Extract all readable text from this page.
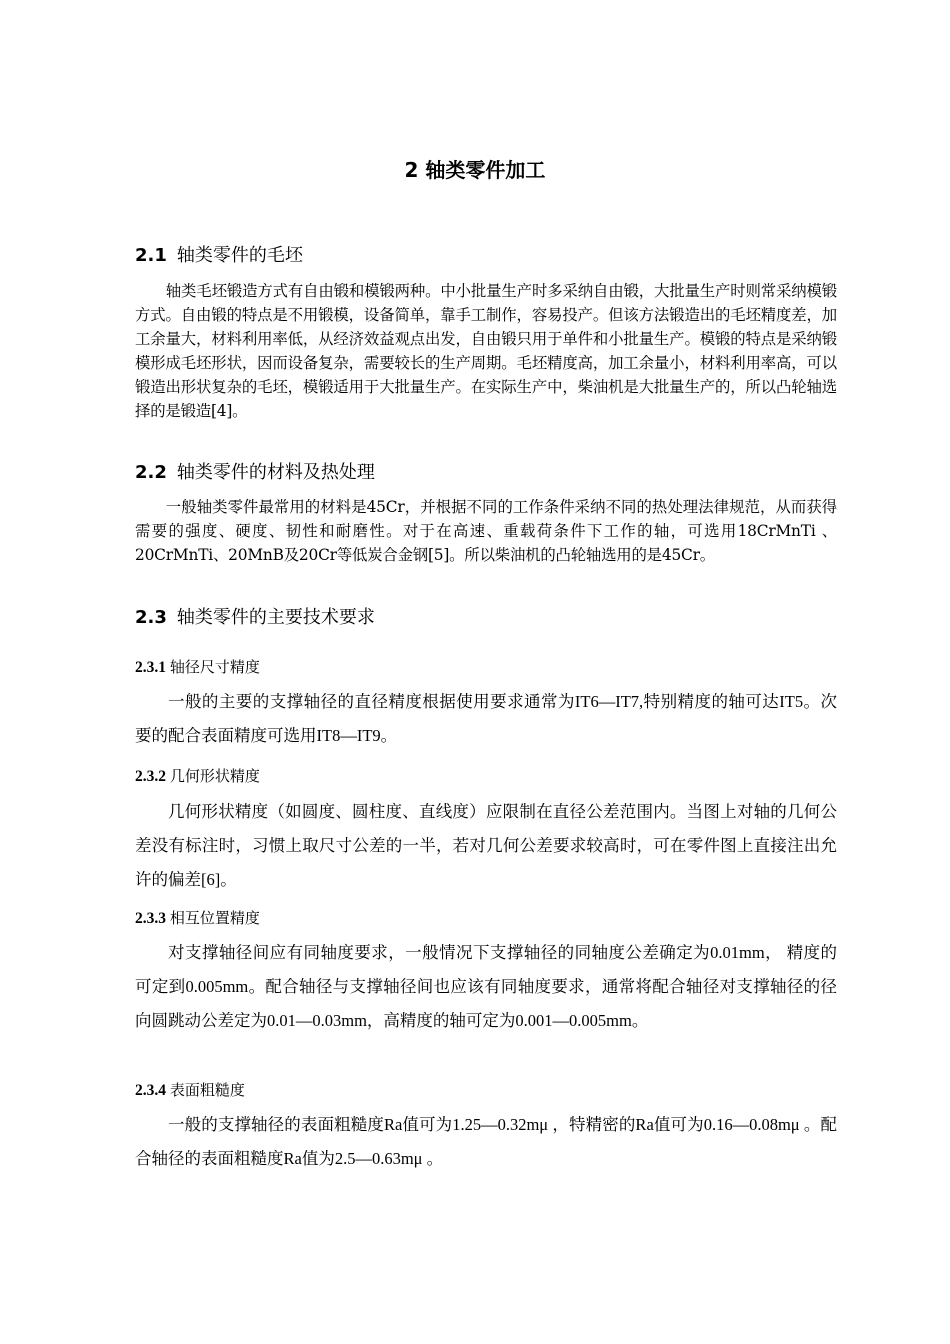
2 轴类零件加工
2.1 轴类零件的毛坯

轴类毛坯锻造方式有自由锻和模锻两种。中小批量生产时多采纳自由锻，大批量生产时则常采纳模锻方式。自由锻的特点是不用锻模，设备简单，靠手工制作，容易投产。但该方法锻造出的毛坯精度差，加工余量大，材料利用率低，从经济效益观点出发，自由锻只用于单件和小批量生产。模锻的特点是采纳锻模形成毛坯形状，因而设备复杂，需要较长的生产周期。毛坯精度高，加工余量小，材料利用率高，可以锻造出形状复杂的毛坯，模锻适用于大批量生产。在实际生产中，柴油机是大批量生产的，所以凸轮轴选择的是锻造[4]。

2.2 轴类零件的材料及热处理

一般轴类零件最常用的材料是45Cr，并根据不同的工作条件采纳不同的热处理法律规范，从而获得需要的强度、硬度、韧性和耐磨性。对于在高速、重载荷条件下工作的轴，可选用18CrMnTi 、20CrMnTi、20MnB及20Cr等低炭合金钢[5]。所以柴油机的凸轮轴选用的是45Cr。

2.3 轴类零件的主要技术要求
2.3.1 轴径尺寸精度

一般的主要的支撑轴径的直径精度根据使用要求通常为IT6—IT7,特别精度的轴可达IT5。次要的配合表面精度可选用IT8—IT9。

2.3.2 几何形状精度

几何形状精度（如圆度、圆柱度、直线度）应限制在直径公差范围内。当图上对轴的几何公差没有标注时，习惯上取尺寸公差的一半，若对几何公差要求较高时，可在零件图上直接注出允许的偏差[6]。

2.3.3 相互位置精度

对支撑轴径间应有同轴度要求，一般情况下支撑轴径的同轴度公差确定为0.01mm， 精度的可定到0.005mm。配合轴径与支撑轴径间也应该有同轴度要求，通常将配合轴径对支撑轴径的径向圆跳动公差定为0.01—0.03mm，高精度的轴可定为0.001—0.005mm。

2.3.4 表面粗糙度

一般的支撑轴径的表面粗糙度Ra值可为1.25—0.32mμ ，特精密的Ra值可为0.16—0.08mμ 。配合轴径的表面粗糙度Ra值为2.5—0.63mμ 。
